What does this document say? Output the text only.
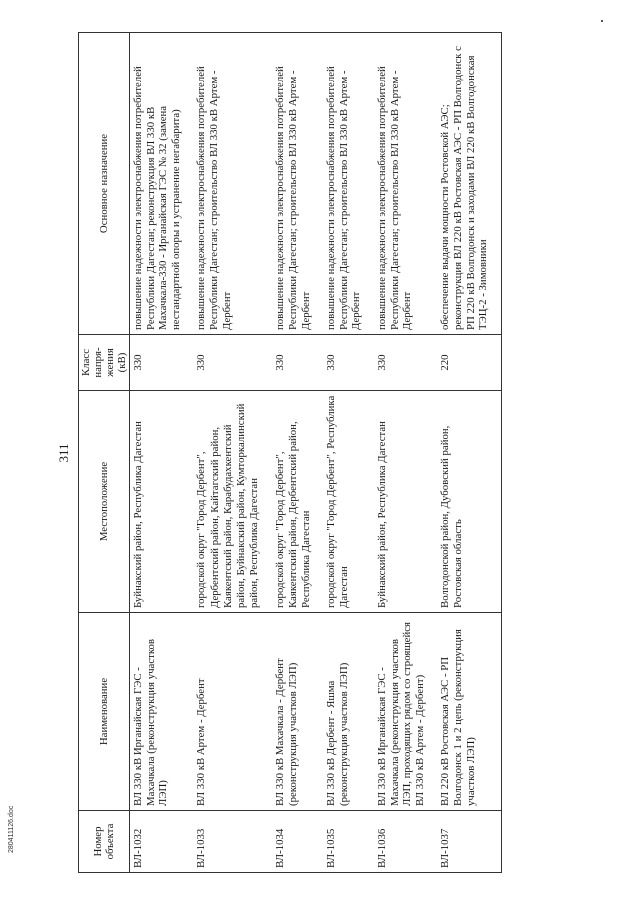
311
Номер объекта	Наименование	Местоположение	Класс напря-жения (кВ)	Основное назначение
ВЛ-1032	ВЛ 330 кВ Ирганайская ГЭС - Махачкала (реконструкция участков ЛЭП)	Буйнакский район, Республика Дагестан	330	повышение надежности электроснабжения потребителей Республики Дагестан; реконструкция ВЛ 330 кВ Махачкала-330 - Ирганайская ГЭС № 32 (замена нестандартной опоры и устранение негабарита)
ВЛ-1033	ВЛ 330 кВ Артем - Дербент	городской округ "Город Дербент", Дербентский район, Кайтагский район, Каякентский район, Карабудахкентский район, Буйнакский район, Кумторкалинский район, Республика Дагестан	330	повышение надежности электроснабжения потребителей Республики Дагестан; строительство ВЛ 330 кВ Артем - Дербент
ВЛ-1034	ВЛ 330 кВ Махачкала - Дербент (реконструкция участков ЛЭП)	городской округ "Город Дербент", Каякентский район, Дербентский район, Республика Дагестан	330	повышение надежности электроснабжения потребителей Республики Дагестан; строительство ВЛ 330 кВ Артем - Дербент
ВЛ-1035	ВЛ 330 кВ Дербент - Яшма (реконструкция участков ЛЭП)	городской округ "Город Дербент", Республика Дагестан	330	повышение надежности электроснабжения потребителей Республики Дагестан; строительство ВЛ 330 кВ Артем - Дербент
ВЛ-1036	ВЛ 330 кВ Ирганайская ГЭС - Махачкала (реконструкция участков ЛЭП, проходящих рядом со строящейся ВЛ 330 кВ Артем - Дербент)	Буйнакский район, Республика Дагестан	330	повышение надежности электроснабжения потребителей Республики Дагестан; строительство ВЛ 330 кВ Артем - Дербент
ВЛ-1037	ВЛ 220 кВ Ростовская АЭС - РП Волгодонск 1 и 2 цепь (реконструкция участков ЛЭП)	Волгодонской район, Дубовский район, Ростовская область	220	обеспечение выдачи мощности Ростовской АЭС; реконструкция ВЛ 220 кВ Ростовская АЭС - РП Волгодонск с РП 220 кВ Волгодонск и заходами ВЛ 220 кВ Волгодонская ТЭЦ-2 - Зимовники
280411126.doc
